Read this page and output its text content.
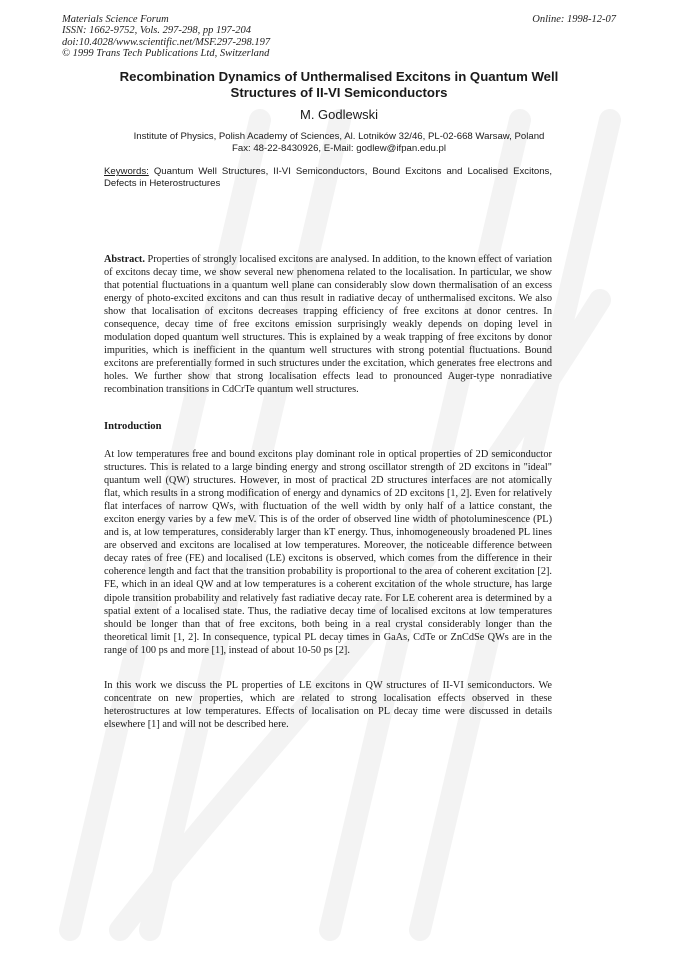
Materials Science Forum
ISSN: 1662-9752, Vols. 297-298, pp 197-204
doi:10.4028/www.scientific.net/MSF.297-298.197
© 1999 Trans Tech Publications Ltd, Switzerland
Online: 1998-12-07
Recombination Dynamics of Unthermalised Excitons in Quantum Well
Structures of II-VI Semiconductors
M. Godlewski
Institute of Physics, Polish Academy of Sciences, Al. Lotników 32/46, PL-02-668 Warsaw, Poland
Fax: 48-22-8430926, E-Mail: godlew@ifpan.edu.pl
Keywords: Quantum Well Structures, II-VI Semiconductors, Bound Excitons and Localised Excitons, Defects in Heterostructures

Abstract. Properties of strongly localised excitons are analysed. In addition, to the known effect of variation of excitons decay time, we show several new phenomena related to the localisation. In particular, we show that potential fluctuations in a quantum well plane can considerably slow down thermalisation of an excess energy of photo-excited excitons and can thus result in radiative decay of unthermalised excitons. We also show that localisation of excitons decreases trapping efficiency of free excitons at donor centres. In consequence, decay time of free excitons emission surprisingly weakly depends on doping level in modulation doped quantum well structures. This is explained by a weak trapping of free excitons by donor impurities, which is inefficient in the quantum well structures with strong potential fluctuations. Bound excitons are preferentially formed in such structures under the excitation, which generates free electrons and holes. We further show that strong localisation effects lead to pronounced Auger-type nonradiative recombination transitions in CdCrTe quantum well structures.

Introduction

At low temperatures free and bound excitons play dominant role in optical properties of 2D semiconductor structures. This is related to a large binding energy and strong oscillator strength of 2D excitons in "ideal" quantum well (QW) structures. However, in most of practical 2D structures interfaces are not atomically flat, which results in a strong modification of energy and dynamics of 2D excitons [1, 2]. Even for relatively flat interfaces of narrow QWs, with fluctuation of the well width by only half of a lattice constant, the exciton energy varies by a few meV. This is of the order of observed line width of photoluminescence (PL) and is, at low temperatures, considerably larger than kT energy. Thus, inhomogeneously broadened PL lines are observed and excitons are localised at low temperatures. Moreover, the noticeable difference between decay rates of free (FE) and localised (LE) excitons is observed, which comes from the difference in their coherence length and fact that the transition probability is proportional to the area of coherent excitation [2]. FE, which in an ideal QW and at low temperatures is a coherent excitation of the whole structure, has large dipole transition probability and relatively fast radiative decay rate. For LE coherent area is determined by a spatial extent of a localised state. Thus, the radiative decay time of localised excitons at low temperatures should be longer than that of free excitons, both being in a real crystal considerably longer than the theoretical limit [1, 2]. In consequence, typical PL decay times in GaAs, CdTe or ZnCdSe QWs are in the range of 100 ps and more [1], instead of about 10-50 ps [2].

In this work we discuss the PL properties of LE excitons in QW structures of II-VI semiconductors. We concentrate on new properties, which are related to strong localisation effects observed in these heterostructures at low temperatures. Effects of localisation on PL decay time were discussed in details elsewhere [1] and will not be described here.
